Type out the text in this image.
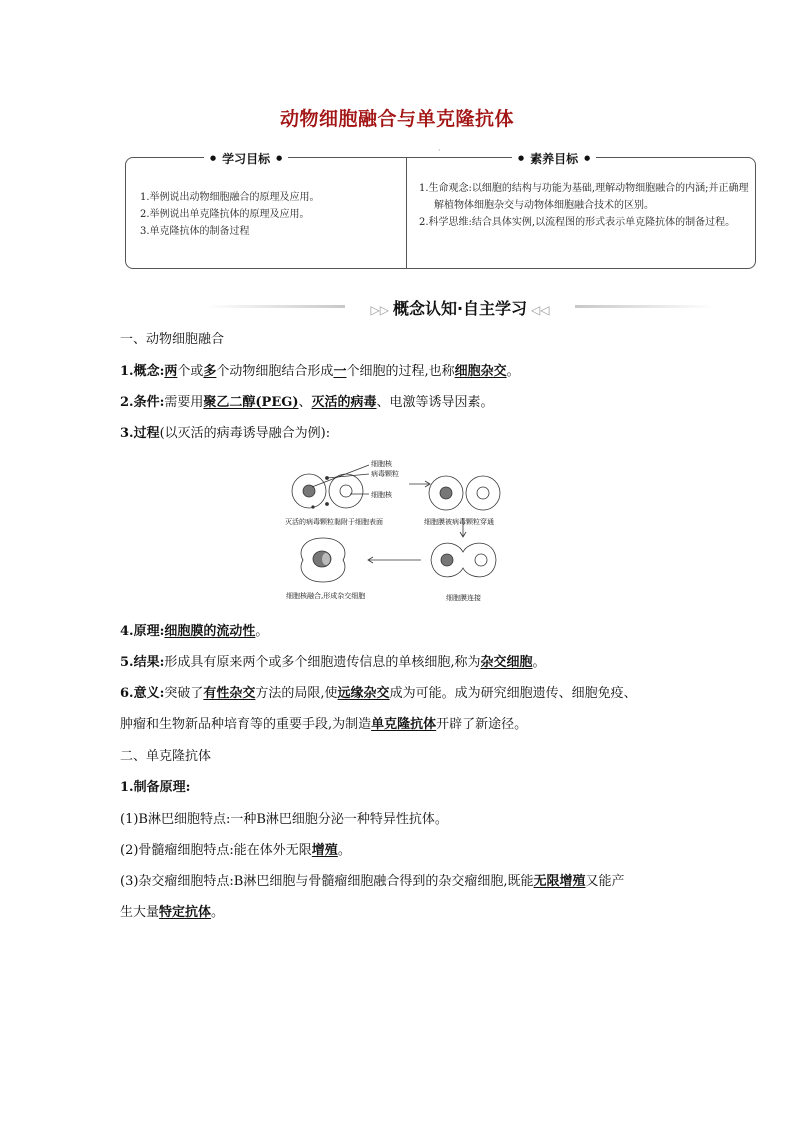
动物细胞融合与单克隆抗体
·
● 学习目标 ●	● 素养目标 ●
1.举例说出动物细胞融合的原理及应用。
2.举例说出单克隆抗体的原理及应用。
3.单克隆抗体的制备过程
1.生命观念:以细胞的结构与功能为基础,理解动物细胞融合的内涵;并正确理解植物体细胞杂交与动物体细胞融合技术的区别。
2.科学思维:结合具体实例,以流程图的形式表示单克隆抗体的制备过程。
▷▷ 概念认知·自主学习 ◁◁
一、动物细胞融合
1.概念:两个或多个动物细胞结合形成一个细胞的过程,也称细胞杂交。
2.条件:需要用聚乙二醇(PEG)、灭活的病毒、电激等诱导因素。
3.过程(以灭活的病毒诱导融合为例):
细胞核
病毒颗粒
细胞核
灭活的病毒颗粒黏附于细胞表面	细胞膜被病毒颗粒穿通
细胞膜连接
细胞核融合,形成杂交细胞
4.原理:细胞膜的流动性。
5.结果:形成具有原来两个或多个细胞遗传信息的单核细胞,称为杂交细胞。
6.意义:突破了有性杂交方法的局限,使远缘杂交成为可能。成为研究细胞遗传、细胞免疫、
肿瘤和生物新品种培育等的重要手段,为制造单克隆抗体开辟了新途径。
二、单克隆抗体
1.制备原理:
(1)B淋巴细胞特点:一种B淋巴细胞分泌一种特异性抗体。
(2)骨髓瘤细胞特点:能在体外无限增殖。
(3)杂交瘤细胞特点:B淋巴细胞与骨髓瘤细胞融合得到的杂交瘤细胞,既能无限增殖又能产
生大量特定抗体。
